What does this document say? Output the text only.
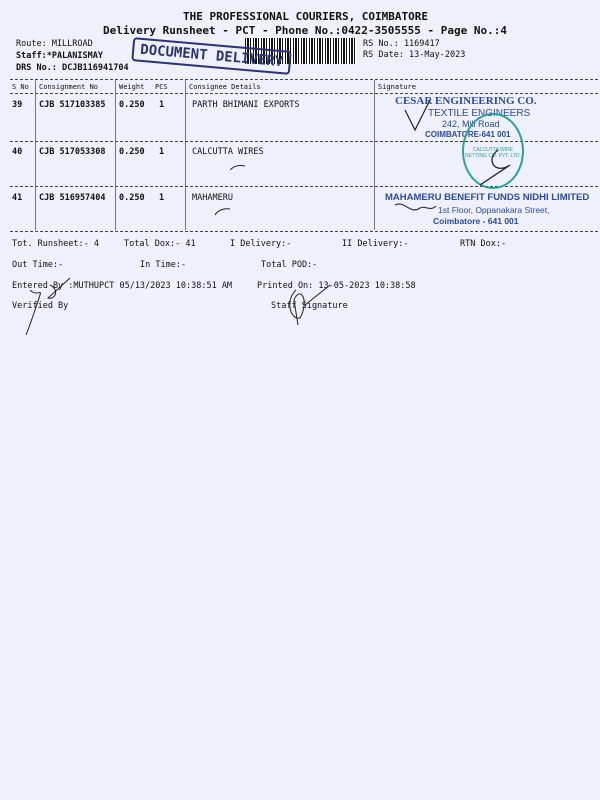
THE PROFESSIONAL COURIERS, COIMBATORE
Delivery Runsheet - PCT - Phone No.:0422-3505555 - Page No.:4
Route: MILLROAD
Staff:*PALANISMAY
DRS No.: DCJB116941704
RS No.: 1169417
RS Date: 13-May-2023
DOCUMENT DELIVERY
S No Consignment No	Weight PCS	Consignee Details	Signature
39 CJB 517103385 0.250 1	PARTH BHIMANI EXPORTS
40 CJB 517053308 0.250 1	CALCUTTA WIRES
41 CJB 516957404 0.250 1	MAHAMERU
CESAR ENGINEERING CO.
TEXTILE ENGINEERS
242, Mill Road
COIMBATORE-641 001
CALCUTTA WIRE NETTING CO. PVT. LTD.
MAHAMERU BENEFIT FUNDS NIDHI LIMITED
1st Floor, Oppanakara Street,
Coimbatore - 641 001
Tot. Runsheet:- 4	Total Dox:- 41	I Delivery:-	II Delivery:-	RTN Dox:-
Out Time:-	In Time:-	Total POD:-
Entered By :MUTHUPCT 05/13/2023 10:38:51 AM	Printed On: 13-05-2023 10:38:58
Verified By	Staff Signature
